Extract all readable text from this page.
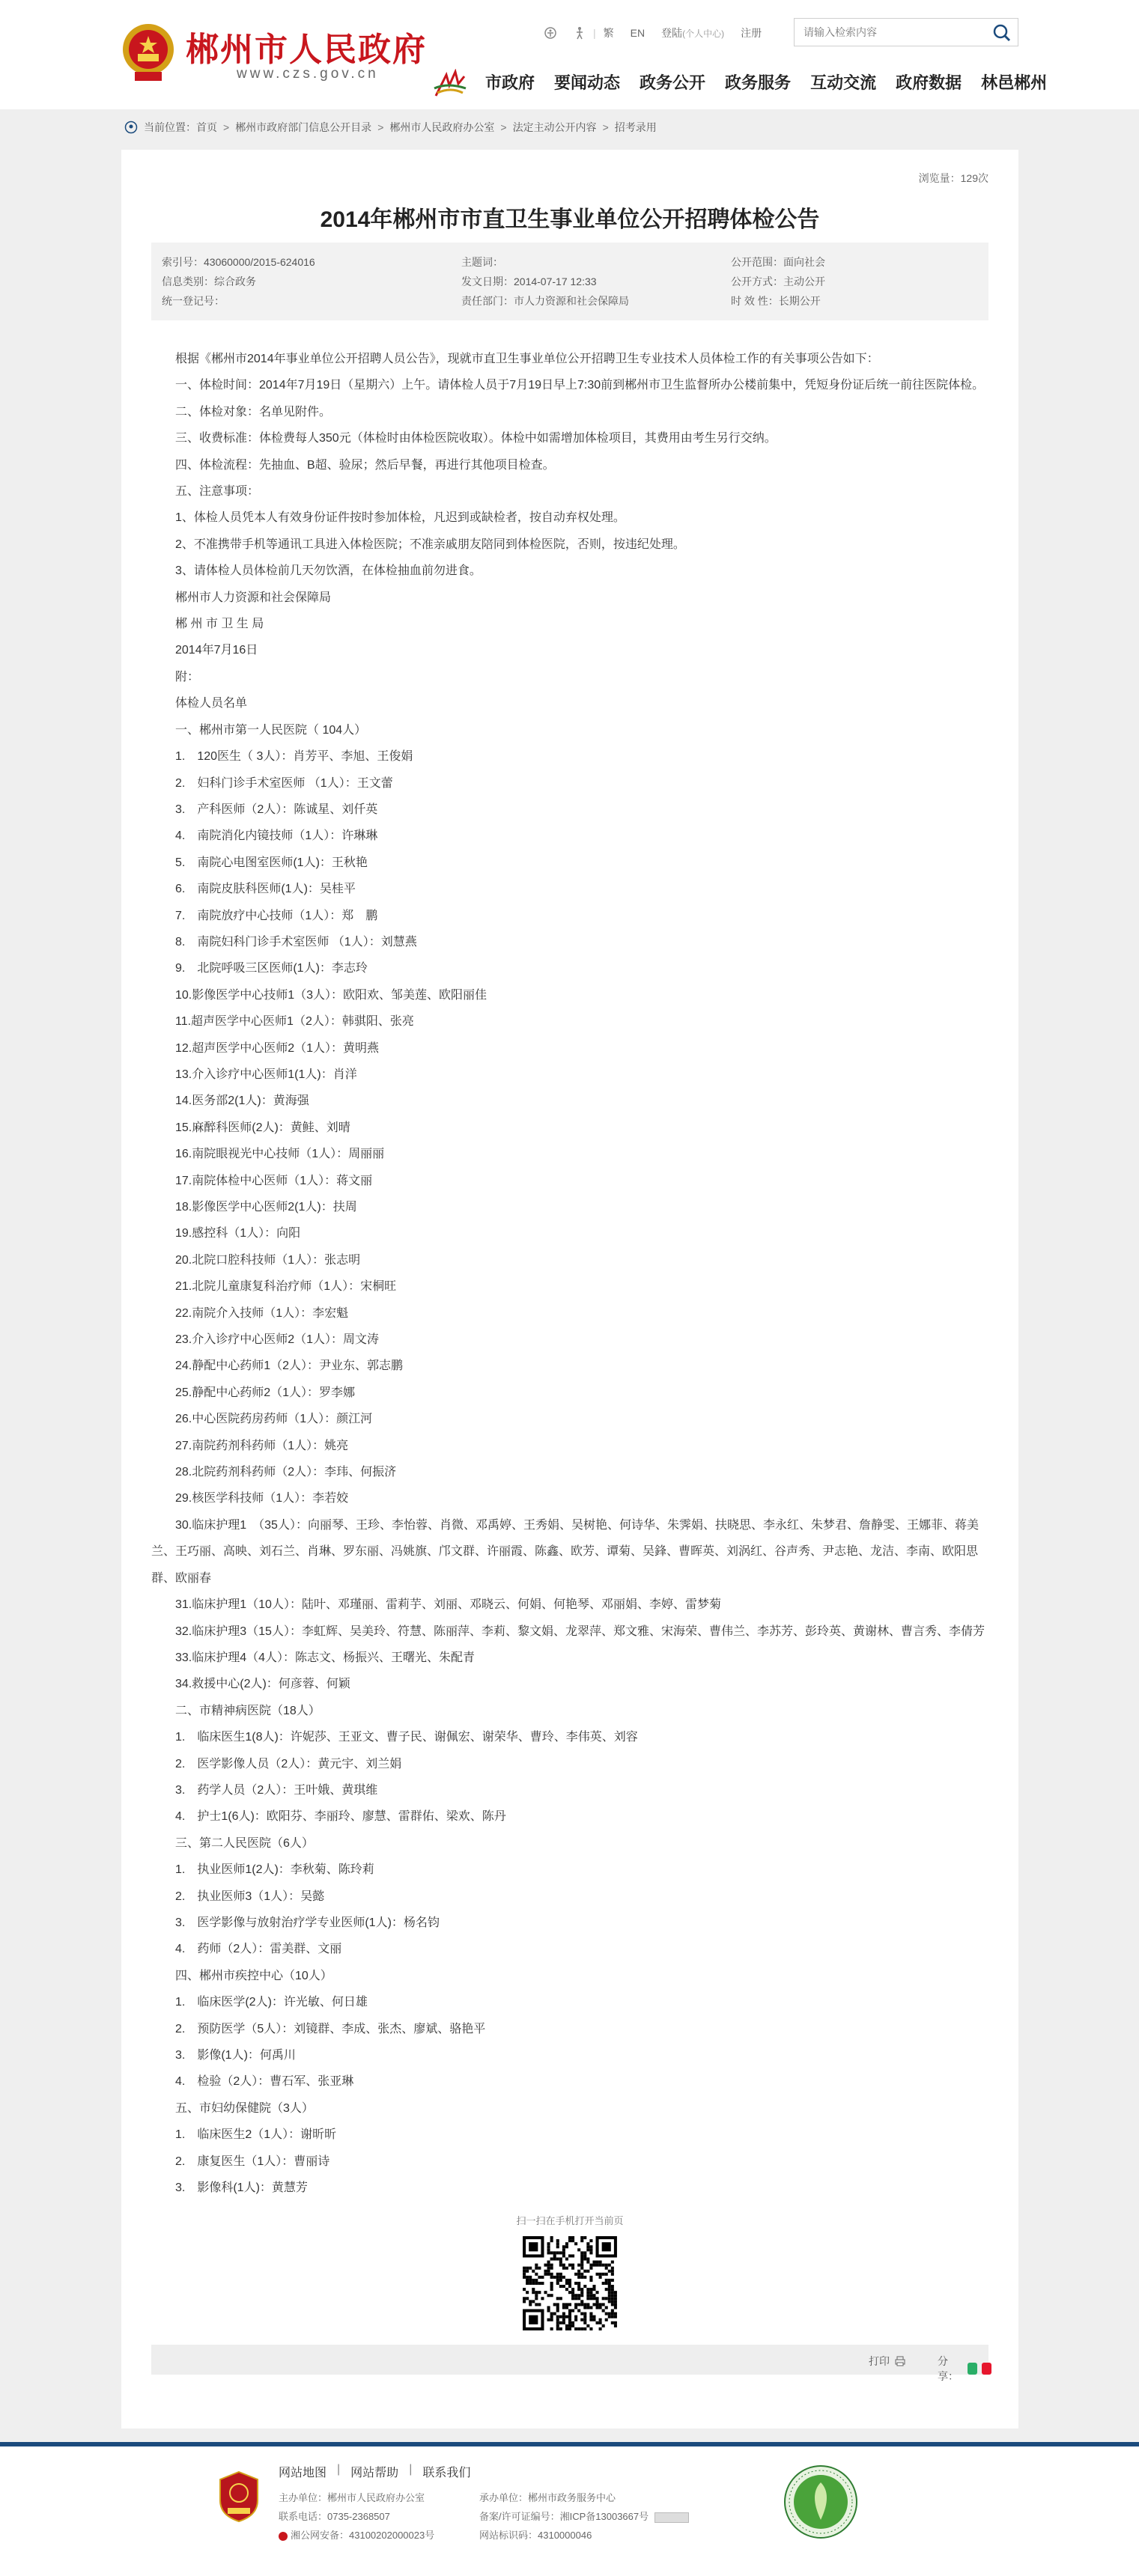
郴州市人民政府
www.czs.gov.cn
| 繁 EN 登陆 (个人中心) 注册
请输入检索内容
市政府 要闻动态 政务公开 政务服务 互动交流 政府数据 林邑郴州
当前位置： 首页 > 郴州市政府部门信息公开目录 > 郴州市人民政府办公室 > 法定主动公开内容 > 招考录用
浏览量：129次
2014年郴州市市直卫生事业单位公开招聘体检公告
索引号：43060000/2015-624016	主题词：	公开范围：面向社会
信息类别：综合政务	发文日期：2014-07-17 12:33	公开方式：主动公开
统一登记号：	责任部门：市人力资源和社会保障局	时 效 性：长期公开

根据《郴州市2014年事业单位公开招聘人员公告》，现就市直卫生事业单位公开招聘卫生专业技术人员体检工作的有关事项公告如下：

一、体检时间：2014年7月19日（星期六）上午。请体检人员于7月19日早上7:30前到郴州市卫生监督所办公楼前集中，凭短身份证后统一前往医院体检。

二、体检对象：名单见附件。

三、收费标准：体检费每人350元（体检时由体检医院收取）。体检中如需增加体检项目，其费用由考生另行交纳。

四、体检流程：先抽血、B超、验尿；然后早餐，再进行其他项目检查。

五、注意事项：

1、体检人员凭本人有效身份证件按时参加体检，凡迟到或缺检者，按自动弃权处理。

2、不准携带手机等通讯工具进入体检医院；不准亲戚朋友陪同到体检医院，否则，按违纪处理。

3、请体检人员体检前几天勿饮酒，在体检抽血前勿进食。

郴州市人力资源和社会保障局

郴 州 市 卫 生 局

2014年7月16日

附：

体检人员名单

一、郴州市第一人民医院（ 104人）

1.　120医生（ 3人）：肖芳平、李旭、王俊娟

2.　妇科门诊手术室医师 （1人）：王文蕾

3.　产科医师（2人）：陈诚星、刘仟英

4.　南院消化内镜技师（1人）：许琳琳

5.　南院心电图室医师(1人)：王秋艳

6.　南院皮肤科医师(1人)：吴桂平

7.　南院放疗中心技师（1人）：郑　鹏

8.　南院妇科门诊手术室医师 （1人）：刘慧燕

9.　北院呼吸三区医师(1人)：李志玲

10.影像医学中心技师1（3人）：欧阳欢、邹美莲、欧阳丽佳

11.超声医学中心医师1（2人）：韩骐阳、张亮

12.超声医学中心医师2（1人）：黄明燕

13.介入诊疗中心医师1(1人)：肖洋

14.医务部2(1人)：黄海强

15.麻醉科医师(2人)：黄鲑、刘晴

16.南院眼视光中心技师（1人）：周丽丽

17.南院体检中心医师（1人）：蒋文丽

18.影像医学中心医师2(1人)：扶周

19.感控科（1人）：向阳

20.北院口腔科技师（1人）：张志明

21.北院儿童康复科治疗师（1人）：宋桐旺

22.南院介入技师（1人）：李宏魁

23.介入诊疗中心医师2（1人）：周文涛

24.静配中心药师1（2人）：尹业东、郭志鹏

25.静配中心药师2（1人）：罗李娜

26.中心医院药房药师（1人）：颜江河

27.南院药剂科药师（1人）：姚亮

28.北院药剂科药师（2人）：李玮、何振济

29.核医学科技师（1人）：李若姣

30.临床护理1　（35人）：向丽琴、王珍、李怡蓉、肖微、邓禹婷、王秀娟、吴树艳、何诗华、朱霁娟、扶晓思、李永红、朱梦君、詹静雯、王娜菲、蒋美兰、王巧丽、高映、刘石兰、肖琳、罗东丽、冯姚旗、邝文群、许丽霞、陈鑫、欧芳、谭菊、吴鋒、曹晖英、刘涡红、谷声秀、尹志艳、龙洁、李南、欧阳思群、欧丽春

31.临床护理1（10人）：陆叶、邓瑾丽、雷莉芋、刘丽、邓晓云、何娟、何艳琴、邓丽娟、李婷、雷梦菊

32.临床护理3（15人）：李虹辉、吴美玲、符慧、陈丽萍、李莉、黎文娟、龙翠萍、郑文雅、宋海荣、曹伟兰、李苏芳、彭玲英、黄谢林、曹言秀、李倩芳

33.临床护理4（4人）：陈志文、杨振兴、王曙光、朱配青

34.救援中心(2人)：何彦蓉、何颖

二、市精神病医院（18人）

1.　临床医生1(8人)：许妮莎、王亚文、曹子民、谢佩宏、谢荣华、曹玲、李伟英、刘容

2.　医学影像人员（2人）：黄元宇、刘兰娟

3.　药学人员（2人）：王叶娥、黄琪维

4.　护士1(6人)：欧阳芬、李丽玲、廖慧、雷群佑、梁欢、陈丹

三、第二人民医院（6人）

1.　执业医师1(2人)：李秋菊、陈玲莉

2.　执业医师3（1人）：吴懿

3.　医学影像与放射治疗学专业医师(1人)：杨名钧

4.　药师（2人）：雷美群、文丽

四、郴州市疾控中心（10人）

1.　临床医学(2人)：许光敏、何日雄

2.　预防医学（5人）：刘镜群、李成、张杰、廖斌、骆艳平

3.　影像(1人)：何禹川

4.　检验（2人）：曹石军、张亚琳

五、市妇幼保健院（3人）

1.　临床医生2（1人）：谢昕昕

2.　康复医生（1人）：曹丽诗

3.　影像科(1人)：黄慧芳

扫一扫在手机打开当前页
打印	分享：
网站地图 | 网站帮助 | 联系我们
主办单位：郴州市人民政府办公室
联系电话：0735-2368507
湘公网安备：43100202000023号
承办单位：郴州市政务服务中心
备案/许可证编号：湘ICP备13003667号
网站标识码：4310000046
